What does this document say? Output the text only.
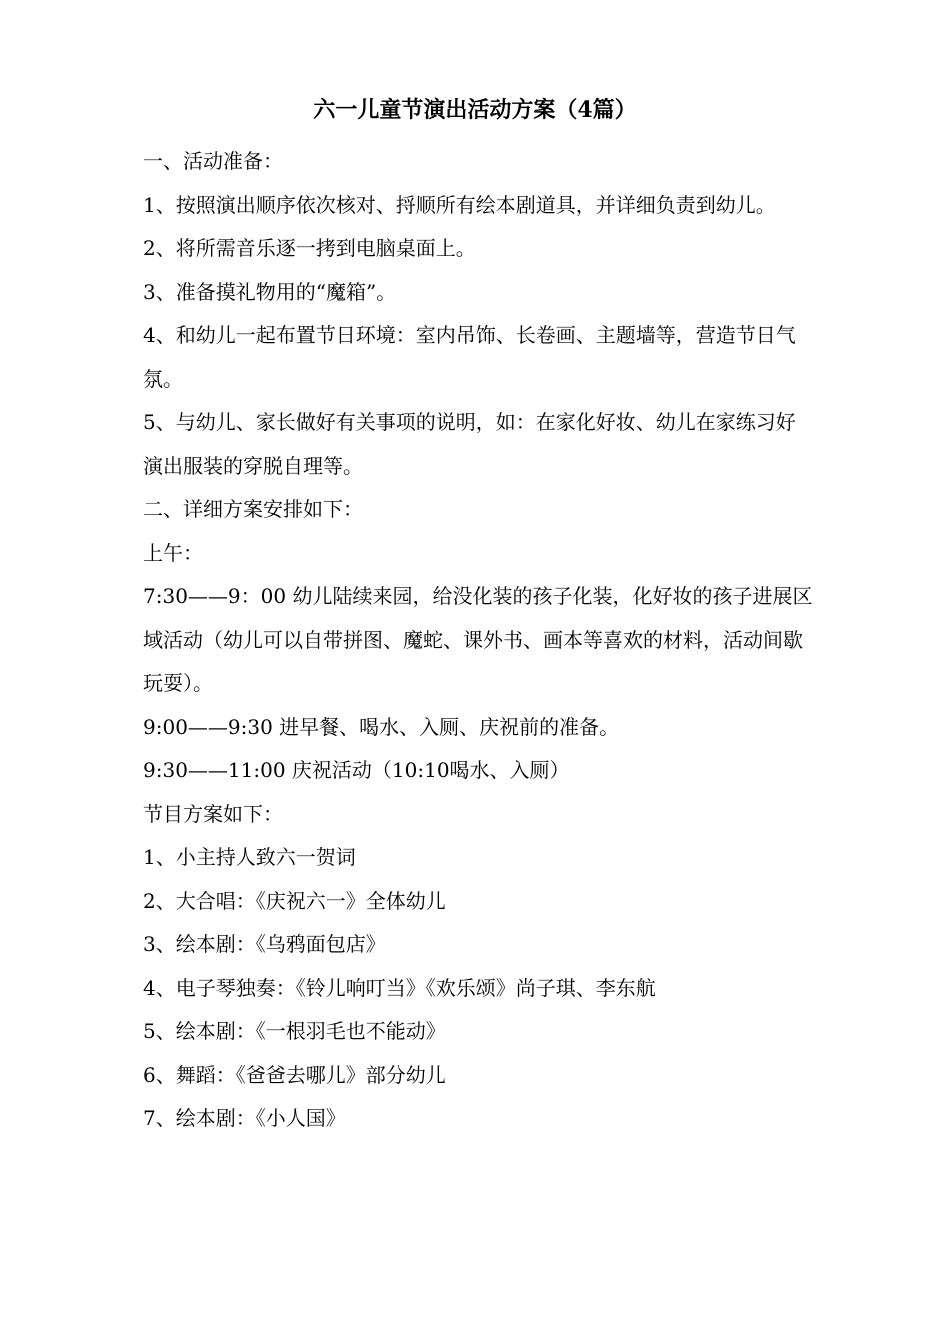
六一儿童节演出活动方案（4篇）

一、活动准备：

1、按照演出顺序依次核对、捋顺所有绘本剧道具，并详细负责到幼儿。

2、将所需音乐逐一拷到电脑桌面上。

3、准备摸礼物用的“魔箱”。

4、和幼儿一起布置节日环境：室内吊饰、长卷画、主题墙等，营造节日气氛。

5、与幼儿、家长做好有关事项的说明，如：在家化好妆、幼儿在家练习好演出服装的穿脱自理等。

二、详细方案安排如下：

上午：

7:30——9：00 幼儿陆续来园，给没化装的孩子化装，化好妆的孩子进展区域活动（幼儿可以自带拼图、魔蛇、课外书、画本等喜欢的材料，活动间歇玩耍）。

9:00——9:30 进早餐、喝水、入厕、庆祝前的准备。

9:30——11:00 庆祝活动（10:10喝水、入厕）

节目方案如下：

1、小主持人致六一贺词

2、大合唱：《庆祝六一》全体幼儿

3、绘本剧：《乌鸦面包店》

4、电子琴独奏：《铃儿响叮当》《欢乐颂》尚子琪、李东航

5、绘本剧：《一根羽毛也不能动》

6、舞蹈：《爸爸去哪儿》部分幼儿

7、绘本剧：《小人国》
